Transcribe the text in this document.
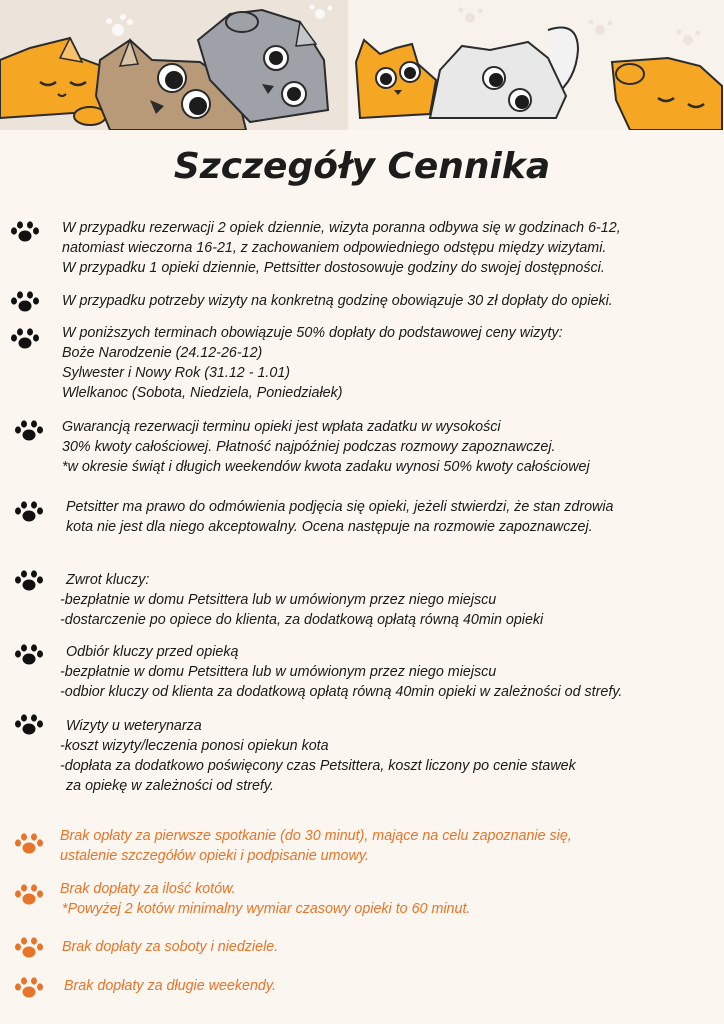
Szczegóły Cennika
W przypadku rezerwacji 2 opiek dziennie, wizyta poranna odbywa się w godzinach 6-12,
natomiast wieczorna 16-21, z zachowaniem odpowiedniego odstępu między wizytami.
W przypadku 1 opieki dziennie, Pettsitter dostosowuje godziny do swojej dostępności.
W przypadku potrzeby wizyty na konkretną godzinę obowiązuje 30 zł dopłaty do opieki.
W poniższych terminach obowiązuje 50% dopłaty do podstawowej ceny wizyty:
Boże Narodzenie (24.12-26-12)
Sylwester i Nowy Rok (31.12 - 1.01)
Wlelkanoc (Sobota, Niedziela, Poniedziałek)
Gwarancją rezerwacji terminu opieki jest wpłata zadatku w wysokości
30% kwoty całościowej. Płatność najpóźniej podczas rozmowy zapoznawczej.
*w okresie świąt i długich weekendów kwota zadaku wynosi 50% kwoty całościowej
Petsitter ma prawo do odmówienia podjęcia się opieki, jeżeli stwierdzi, że stan zdrowia
kota nie jest dla niego akceptowalny. Ocena następuje na rozmowie zapoznawczej.
Zwrot kluczy:
-bezpłatnie w domu Petsittera lub w umówionym przez niego miejscu
-dostarczenie po opiece do klienta, za dodatkową opłatą równą 40min opieki
Odbiór kluczy przed opieką
-bezpłatnie w domu Petsittera lub w umówionym przez niego miejscu
-odbior kluczy od klienta za dodatkową opłatą równą 40min opieki w zależności od strefy.
Wizyty u weterynarza
-koszt wizyty/leczenia ponosi opiekun kota
-dopłata za dodatkowo poświęcony czas Petsittera, koszt liczony po cenie stawek
za opiekę w zależności od strefy.
Brak opłaty za pierwsze spotkanie (do 30 minut), mające na celu zapoznanie się,
ustalenie szczegółów opieki i podpisanie umowy.
Brak dopłaty za ilość kotów.
*Powyżej 2 kotów minimalny wymiar czasowy opieki to 60 minut.
Brak dopłaty za soboty i niedziele.
Brak dopłaty za długie weekendy.
